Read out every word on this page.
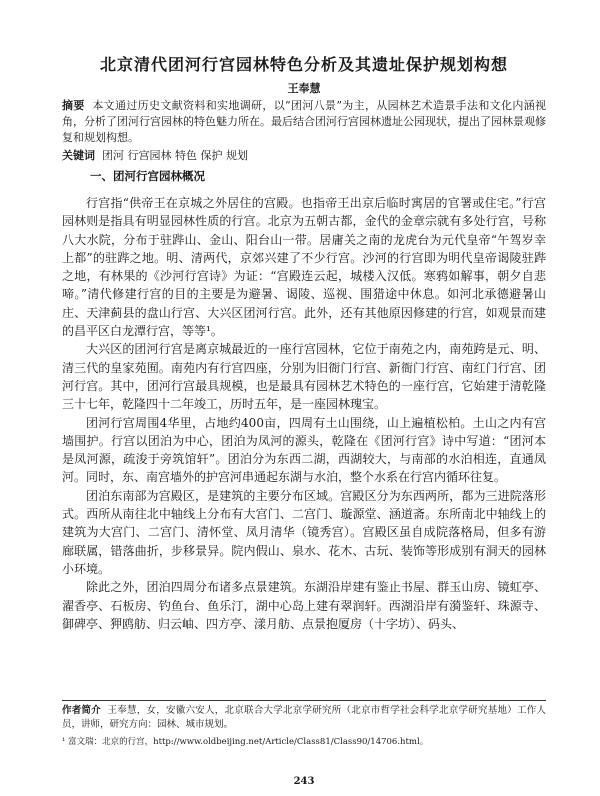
北京清代团河行宫园林特色分析及其遗址保护规划构想
王奉慧
摘要 本文通过历史文献资料和实地调研，以“团河八景”为主，从园林艺术造景手法和文化内涵视角，分析了团河行宫园林的特色魅力所在。最后结合团河行宫园林遗址公园现状，提出了园林景观修复和规划构想。
关键词 团河 行宫园林 特色 保护 规划
一、团河行宫园林概况

行宫指“供帝王在京城之外居住的宫殿。也指帝王出京后临时寓居的官署或住宅。”行宫园林则是指具有明显园林性质的行宫。北京为五朝古都，金代的金章宗就有多处行宫，号称八大水院，分布于驻跸山、金山、阳台山一带。居庸关之南的龙虎台为元代皇帝“午驾岁幸上都”的驻跸之地。明、清两代，京郊兴建了不少行宫。沙河的行宫即为明代皇帝谒陵驻跸之地，有林果的《沙河行宫诗》为证：“宫殿连云起，城楼入汉低。寒鸦如解事，朝夕自悲啼。”清代修建行宫的目的主要是为避暑、谒陵、巡视、围猎途中休息。如河北承德避暑山庄、天津蓟县的盘山行宫、大兴区团河行宫。此外，还有其他原因修建的行宫，如观景而建的昌平区白龙潭行宫，等等¹。

大兴区的团河行宫是离京城最近的一座行宫园林，它位于南苑之内，南苑跨是元、明、清三代的皇家苑囿。南苑内有行宫四座，分别为旧衙门行宫、新衙门行宫、南红门行宫、团河行宫。其中，团河行宫最具规模，也是最具有园林艺术特色的一座行宫，它始建于清乾隆三十七年，乾隆四十二年竣工，历时五年，是一座园林瑰宝。

团河行宫周围4华里，占地约400亩，四周有土山围绕，山上遍植松柏。土山之内有宫墙围护。行宫以团泊为中心，团泊为凤河的源头，乾隆在《团河行宫》诗中写道：“团河本是凤河源，疏浚于旁筑馆轩”。团泊分为东西二湖，西湖较大，与南部的水泊相连，直通凤河。同时，东、南宫墙外的护宫河串通起东湖与水泊，整个水系在行宫内循环往复。

团泊东南部为宫殿区，是建筑的主要分布区域。宫殿区分为东西两所，都为三进院落形式。西所从南往北中轴线上分布有大宫门、二宫门、璇源堂、涵道斋。东所南北中轴线上的建筑为大宫门、二宫门、清怀堂、凤月清华（镜秀宫）。宫殿区虽自成院落格局，但多有游廊联属，错落曲折，步移景异。院内假山、泉水、花木、古玩、装饰等形成别有洞天的园林小环境。

除此之外，团泊四周分布诸多点景建筑。东湖沿岸建有鉴止书屋、群玉山房、镜虹亭、濯香亭、石板房、钓鱼台、鱼乐汀，湖中心岛上建有翠润轩。西湖沿岸有漪鉴轩、珠源寺、御碑亭、狎鸥舫、归云岫、四方亭、漾月舫、点景抱厦房（十字坊）、码头、

作者简介 王奉慧，女，安徽六安人，北京联合大学北京学研究所（北京市哲学社会科学北京学研究基地）工作人员，讲师，研究方向：园林、城市规划。
¹ 富文瑞：北京的行宫，http://www.oldbeijing.net/Article/Class81/Class90/14706.html。
243
